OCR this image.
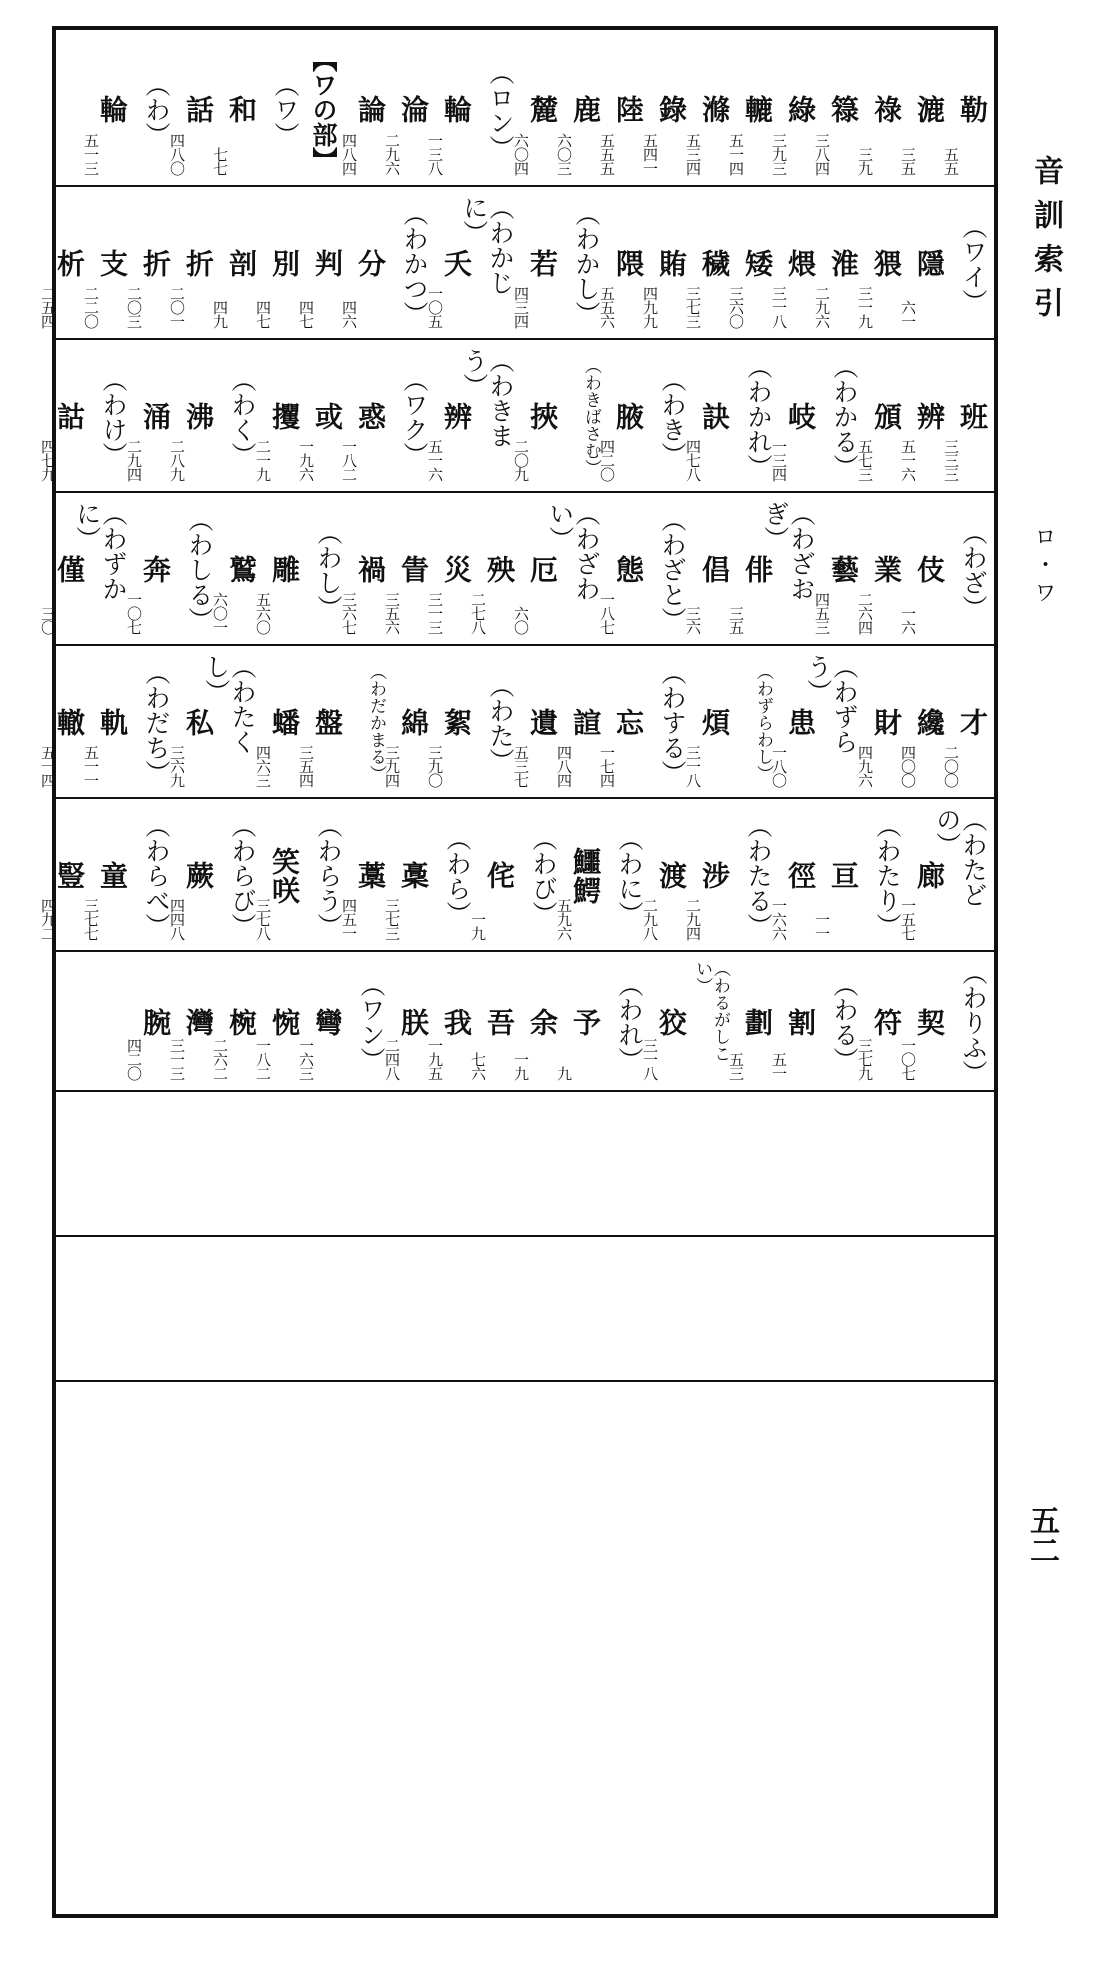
勒
五五
漉
三五
祿
三九
簶
三八四
綠
三九三
轆
五一四
滌
五三四
錄
五四一
陸
五五五
鹿
六〇三
麓
六〇四
（ロン）
輪
一三八
淪
二九六
論
四八四
【ワの部】
（ワ）
和
七七
話
四八〇
（わ）
輪
五一三
（ワイ）
隱
六一
猥
三一九
淮
二九六
煨
三一八
矮
三六〇
穢
三七三
賄
四九九
隈
五五六
（わかし）
若
四三四
（わかじに）
夭
一〇五
（わかつ）
分
四六
判
四七
別
四七
剖
四九
折
二〇一
折
二〇三
支
二二〇
析
二五四
班
三三三
辨
五一六
頒
五七三
（わかる）
岐
一三四
（わかれ）
訣
四七八
（わき）
腋
四二〇
（わきばさむ）
挾
二〇九
（わきまう）
辨
五一六
（ワク）
惑
一八二
或
一九六
攫
二一九
（わく）
沸
二八九
涌
二九四
（わけ）
詁
四七九
（わざ）
伎
一六
業
二六四
藝
四五三
（わざおぎ）
俳
三五
倡
三六
（わざと）
態
一八七
（わざわい）
厄
六〇
殃
二七八
災
三一三
眚
三五六
禍
三六七
（わし）
雕
五六〇
鷲
六〇一
（わしる）
奔
一〇七
（わずかに）
僅
三〇
才
二〇〇
纔
四〇〇
財
四九六
（わずらう）
患
一八〇
（わずらわし）
煩
三一八
（わする）
忘
一七四
諠
四八四
遺
五三七
（わた）
絮
三九〇
綿
三九四
（わだかまる）
盤
三五四
蟠
四六三
（わたくし）
私
三六九
（わだち）
軌
五一一
轍
五一四
（わたどの）
廊
一五七
（わたり）
亘
一一
徑
一六六
（わたる）
涉
二九四
渡
二九八
（わに）
鱷鰐
五九六
（わび）
侘
一九
（わら）
稾
三七三
藁
四五一
（わらう）
笑咲
三七八
（わらび）
蕨
四四八
（わらべ）
童
三七七
豎
四九二
（わりふ）
契
一〇七
符
三七九
（わる）
割
五一
劃
五三
（わるがしこい）
狡
三一八
（われ）
予
九
余
一九
吾
七六
我
一九五
朕
二四八
（ワン）
彎
一六三
惋
一八二
椀
二六二
灣
三一三
腕
四二〇
音訓索引
ロ・ワ
五二
